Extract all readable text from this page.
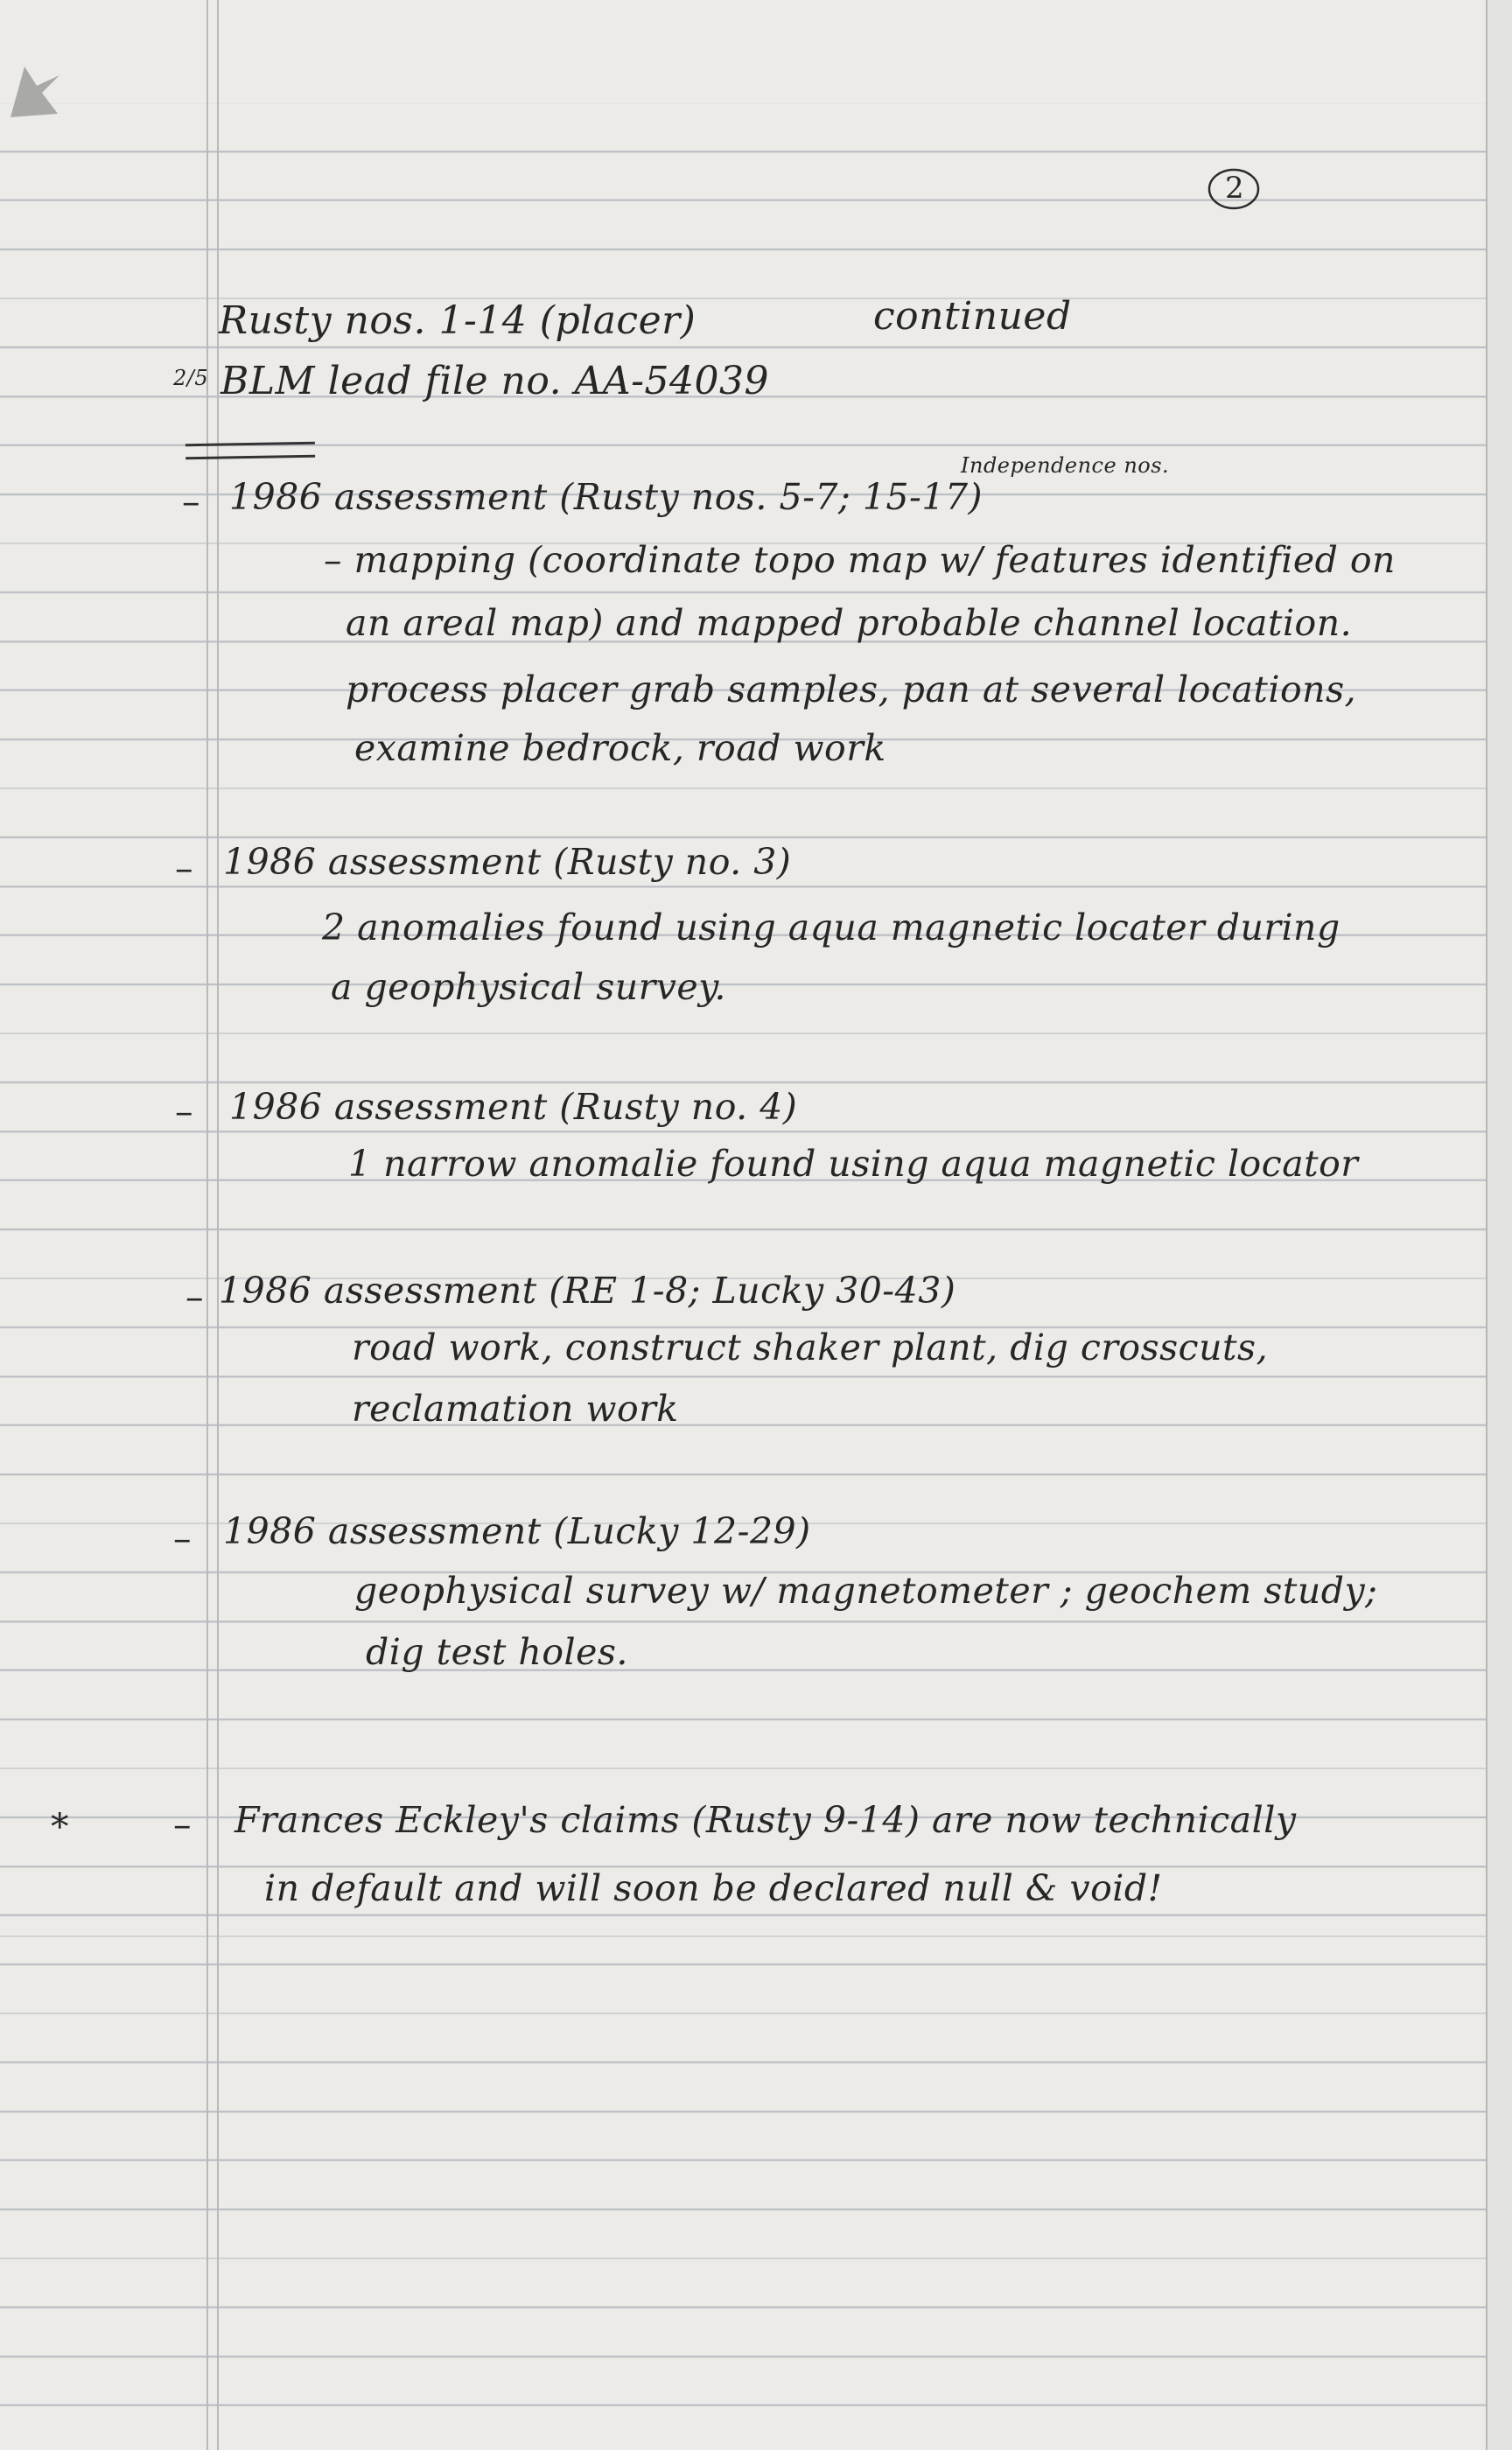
2
Rusty nos. 1-14 (placer)	continued
2/5 BLM lead file no. AA-54039
Independence nos.
– 1986 assessment (Rusty nos. 5-7; 15-17)
– mapping (coordinate topo map w/ features identified on
an areal map) and mapped probable channel location.
process placer grab samples, pan at several locations,
examine bedrock, road work
– 1986 assessment (Rusty no. 3)
2 anomalies found using aqua magnetic locater during
a geophysical survey.
– 1986 assessment (Rusty no. 4)
1 narrow anomalie found using aqua magnetic locator
– 1986 assessment (RE 1-8; Lucky 30-43)
road work, construct shaker plant, dig crosscuts,
reclamation work
– 1986 assessment (Lucky 12-29)
geophysical survey w/ magnetometer ; geochem study;
dig test holes.
*	– Frances Eckley's claims (Rusty 9-14) are now technically
in default and will soon be declared null & void!
